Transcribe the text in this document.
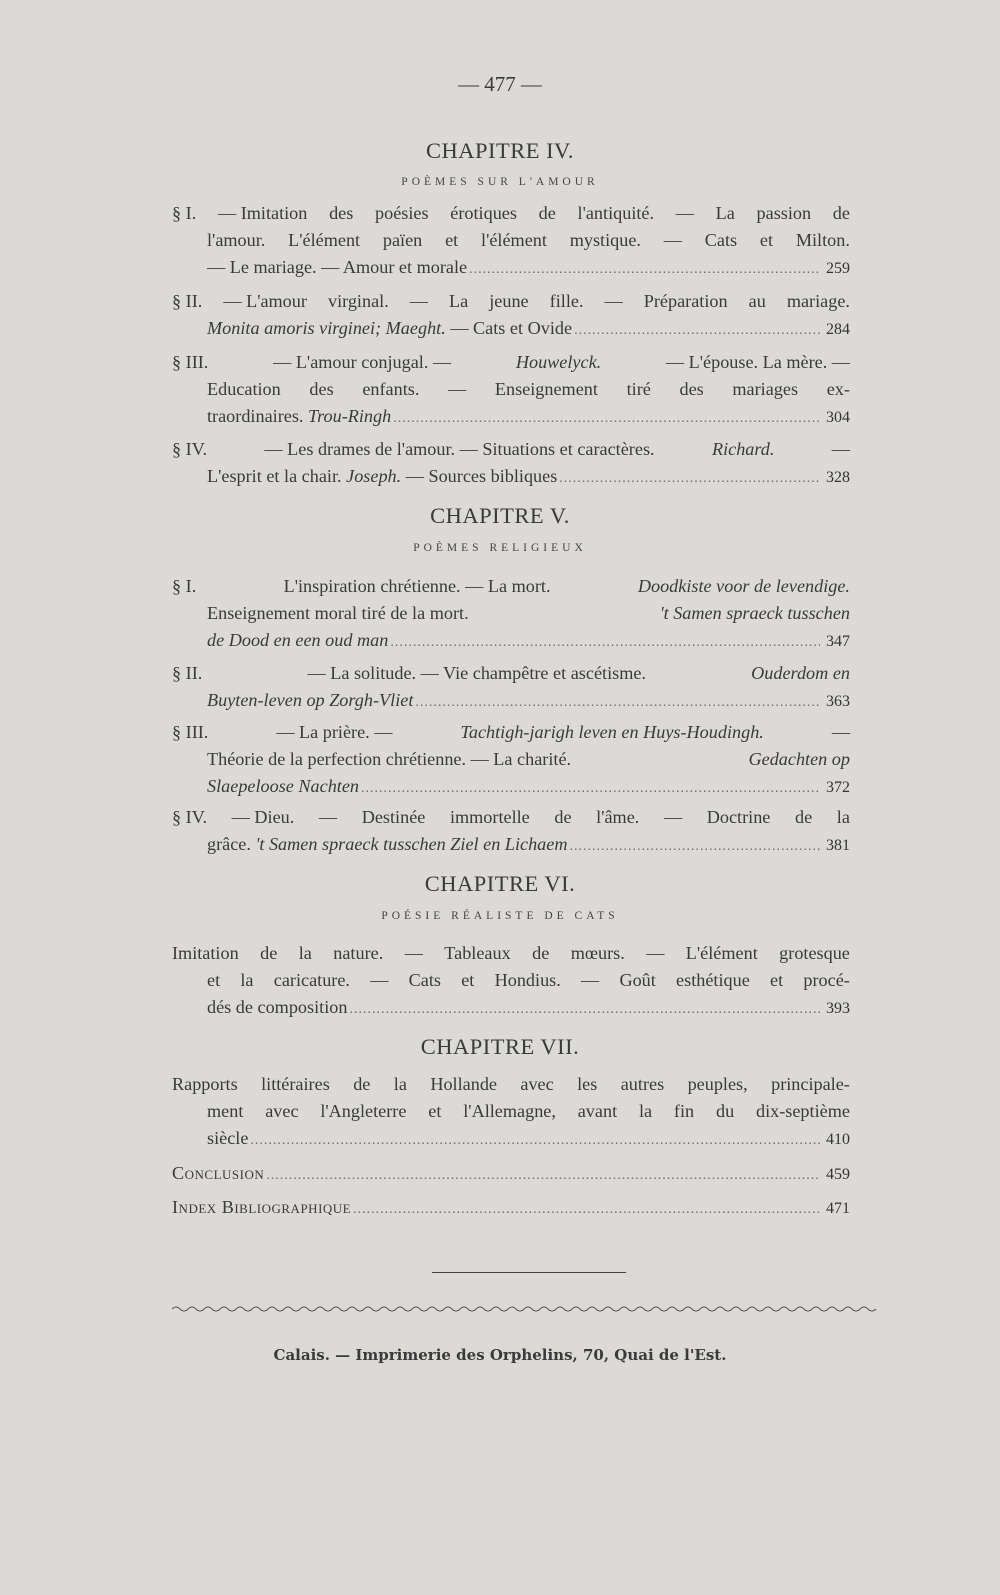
— 477 —
CHAPITRE IV.
POÈMES SUR L'AMOUR
§ I. — Imitation des poésies érotiques de l'antiquité. — La passion de
l'amour. L'élément païen et l'élément mystique. — Cats et Milton.
— Le mariage. — Amour et morale .....	259
§ II. — L'amour virginal. — La jeune fille. — Préparation au mariage.
Monita amoris virginei; Maeght. — Cats et Ovide .....	284
§ III.	— L'amour conjugal. —	Houwelyck.	— L'épouse. La mère. —
Education des enfants. — Enseignement tiré des mariages ex-
traordinaires. Trou-Ringh .....	304
§ IV.	— Les drames de l'amour. — Situations et caractères.	Richard.	—
L'esprit et la chair. Joseph. — Sources bibliques .....	328
CHAPITRE V.
POÈMES RELIGIEUX
§ I.	L'inspiration chrétienne. — La mort.	Doodkiste voor de levendige.
Enseignement moral tiré de la mort.	't Samen spraeck tusschen
de Dood en een oud man .....	347
§ II.	— La solitude. — Vie champêtre et ascétisme.	Ouderdom en
Buyten-leven op Zorgh-Vliet .....	363
§ III.	— La prière. —	Tachtigh-jarigh leven en Huys-Houdingh.	—
Théorie de la perfection chrétienne. — La charité.	Gedachten op
Slaepeloose Nachten .....	372
§ IV. — Dieu. — Destinée immortelle de l'âme. — Doctrine de la
grâce. 't Samen spraeck tusschen Ziel en Lichaem .....	381
CHAPITRE VI.
POÉSIE RÉALISTE DE CATS
Imitation de la nature. — Tableaux de mœurs. — L'élément grotesque
et la caricature. — Cats et Hondius. — Goût esthétique et procé-
dés de composition .....	393
CHAPITRE VII.
Rapports littéraires de la Hollande avec les autres peuples, principale-
ment avec l'Angleterre et l'Allemagne, avant la fin du dix-septième
siècle .....	410
Conclusion .....	459
Index Bibliographique .....	471
Calais. — Imprimerie des Orphelins, 70, Quai de l'Est.
